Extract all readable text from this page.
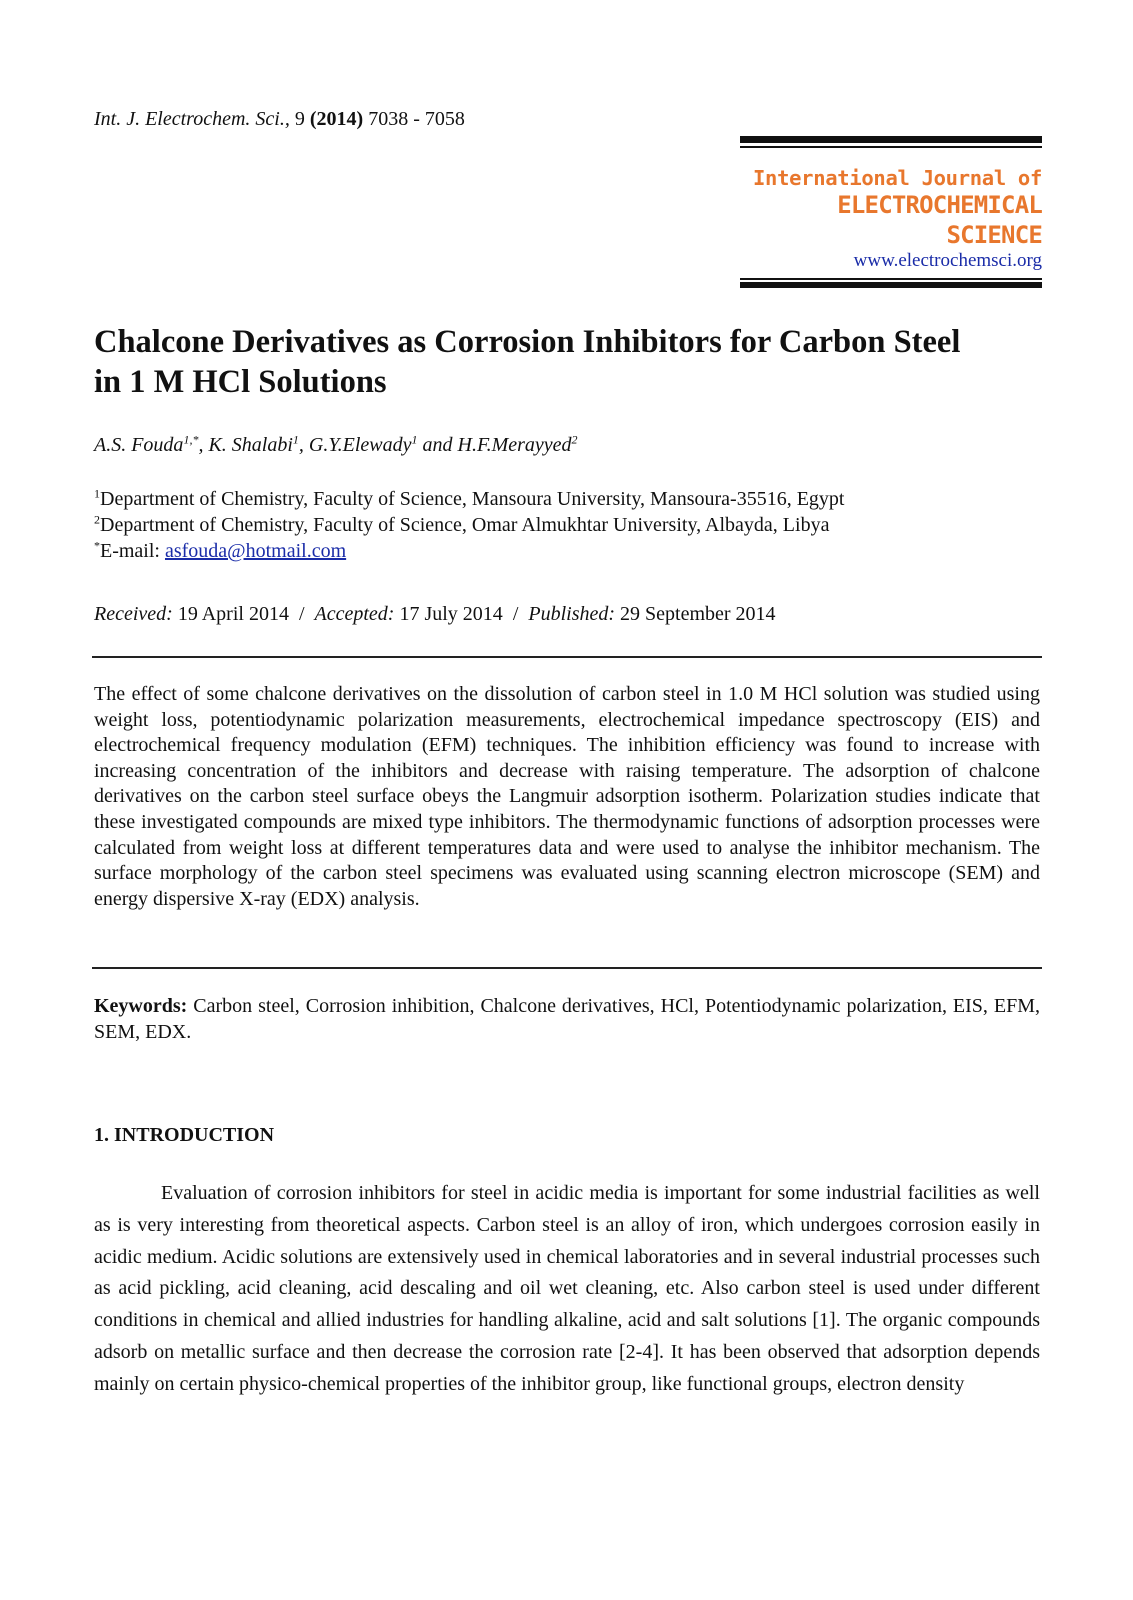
Int. J. Electrochem. Sci., 9 (2014) 7038 - 7058
International Journal of
ELECTROCHEMICAL
SCIENCE
www.electrochemsci.org
Chalcone Derivatives as Corrosion Inhibitors for Carbon Steel
in 1 M HCl Solutions
A.S. Fouda$^{1,*}$, K. Shalabi$^1$, G.Y.Elewady$^1$ and H.F.Merayyed$^2$
$^1$Department of Chemistry, Faculty of Science, Mansoura University, Mansoura-35516, Egypt
$^2$Department of Chemistry, Faculty of Science, Omar Almukhtar University, Albayda, Libya
*E-mail: asfouda@hotmail.com
Received: 19 April 2014 / Accepted: 17 July 2014 / Published: 29 September 2014
The effect of some chalcone derivatives on the dissolution of carbon steel in 1.0 M HCl solution was studied using weight loss, potentiodynamic polarization measurements, electrochemical impedance spectroscopy (EIS) and electrochemical frequency modulation (EFM) techniques. The inhibition efficiency was found to increase with increasing concentration of the inhibitors and decrease with raising temperature. The adsorption of chalcone derivatives on the carbon steel surface obeys the Langmuir adsorption isotherm. Polarization studies indicate that these investigated compounds are mixed type inhibitors. The thermodynamic functions of adsorption processes were calculated from weight loss at different temperatures data and were used to analyse the inhibitor mechanism. The surface morphology of the carbon steel specimens was evaluated using scanning electron microscope (SEM) and energy dispersive X-ray (EDX) analysis.
Keywords: Carbon steel, Corrosion inhibition, Chalcone derivatives, HCl, Potentiodynamic polarization, EIS, EFM, SEM, EDX.
1. INTRODUCTION
Evaluation of corrosion inhibitors for steel in acidic media is important for some industrial facilities as well as is very interesting from theoretical aspects. Carbon steel is an alloy of iron, which undergoes corrosion easily in acidic medium. Acidic solutions are extensively used in chemical laboratories and in several industrial processes such as acid pickling, acid cleaning, acid descaling and oil wet cleaning, etc. Also carbon steel is used under different conditions in chemical and allied industries for handling alkaline, acid and salt solutions [1]. The organic compounds adsorb on metallic surface and then decrease the corrosion rate [2-4]. It has been observed that adsorption depends mainly on certain physico-chemical properties of the inhibitor group, like functional groups, electron density
